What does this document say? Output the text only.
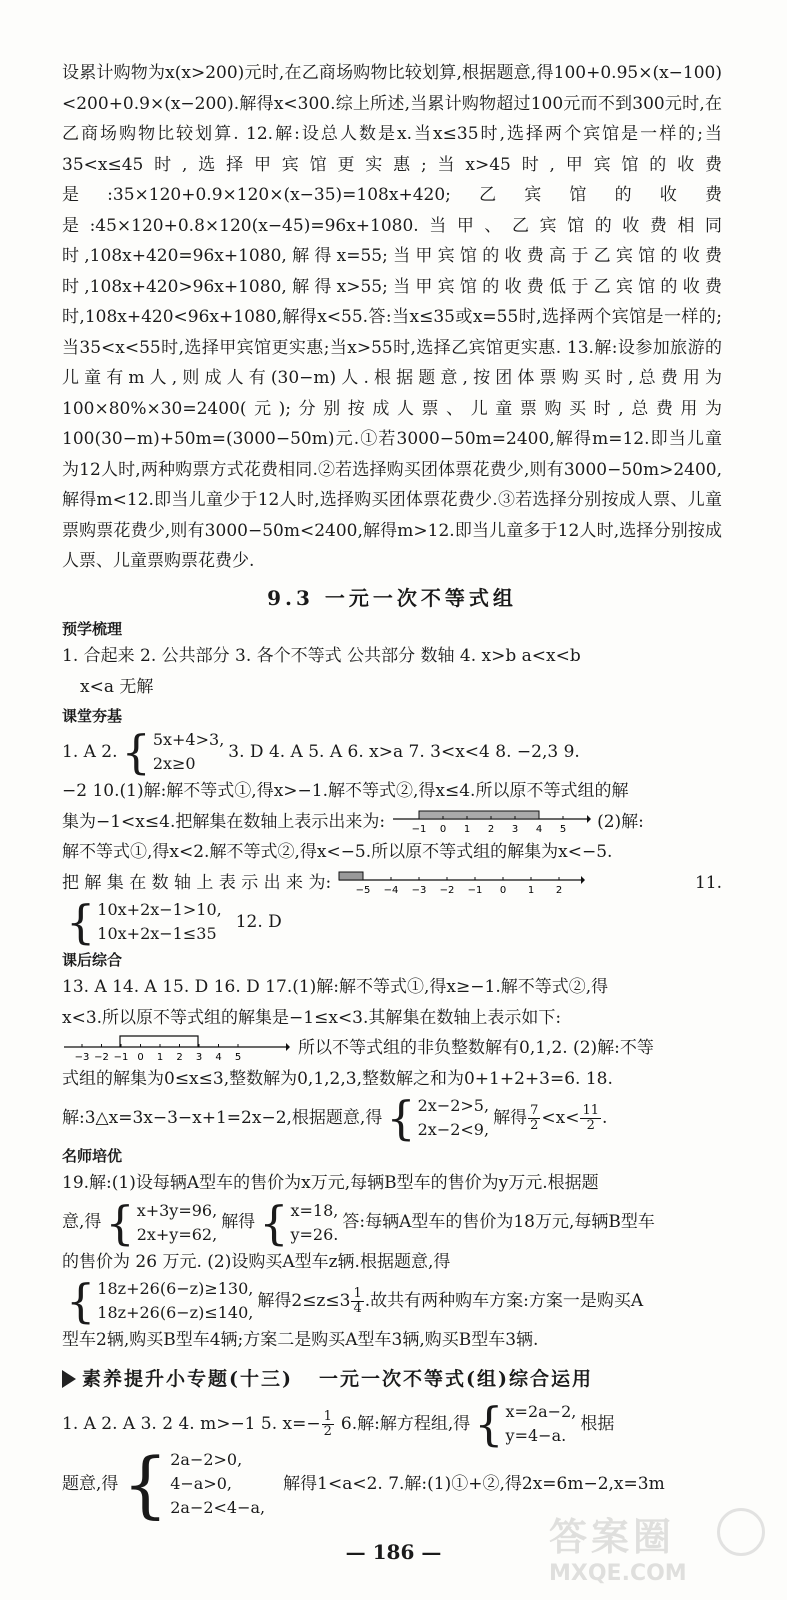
设累计购物为x(x>200)元时,在乙商场购物比较划算,根据题意,得100+0.95×(x−100)<200+0.9×(x−200).解得x<300.综上所述,当累计购物超过100元而不到300元时,在乙商场购物比较划算. 12.解:设总人数是x.当x≤35时,选择两个宾馆是一样的;当35<x≤45时,选择甲宾馆更实惠;当x>45时,甲宾馆的收费是:35×120+0.9×120×(x−35)=108x+420;乙宾馆的收费是:45×120+0.8×120(x−45)=96x+1080.当甲、乙宾馆的收费相同时,108x+420=96x+1080,解得x=55;当甲宾馆的收费高于乙宾馆的收费时,108x+420>96x+1080,解得x>55;当甲宾馆的收费低于乙宾馆的收费时,108x+420<96x+1080,解得x<55.答:当x≤35或x=55时,选择两个宾馆是一样的;当35<x<55时,选择甲宾馆更实惠;当x>55时,选择乙宾馆更实惠. 13.解:设参加旅游的儿童有m人,则成人有(30−m)人.根据题意,按团体票购买时,总费用为100×80%×30=2400(元);分别按成人票、儿童票购买时,总费用为100(30−m)+50m=(3000−50m)元.①若3000−50m=2400,解得m=12.即当儿童为12人时,两种购票方式花费相同.②若选择购买团体票花费少,则有3000−50m>2400,解得m<12.即当儿童少于12人时,选择购买团体票花费少.③若选择分别按成人票、儿童票购票花费少,则有3000−50m<2400,解得m>12.即当儿童多于12人时,选择分别按成人票、儿童票购票花费少.

9.3 一元一次不等式组
预学梳理
1. 合起来 2. 公共部分 3. 各个不等式 公共部分 数轴 4. x>b a<x<b
x<a 无解
课堂夯基
1. A 2. { 5x+4>3,
2x≥0
3. D 4. A 5. A 6. x>a 7. 3<x<4 8. −2,3 9.
−2 10.(1)解:解不等式①,得x>−1.解不等式②,得x≤4.所以原不等式组的解
集为−1<x≤4.把解集在数轴上表示出来为:	−1 0 1 2 3 4 5 (2)解:
解不等式①,得x<2.解不等式②,得x<−5.所以原不等式组的解集为x<−5.
把 解 集 在 数 轴 上 表 示 出 来 为: −5 −4 −3 −2 −1 0 1 2	11.
{ 10x+2x−1>10,
10x+2x−1≤35
12. D
课后综合
13. A 14. A 15. D 16. D 17.(1)解:解不等式①,得x≥−1.解不等式②,得
x<3.所以原不等式组的解集是−1≤x<3.其解集在数轴上表示如下:
−3 −2 −1 0 1 2 3 4 5	所以不等式组的非负整数解有0,1,2. (2)解:不等
式组的解集为0≤x≤3,整数解为0,1,2,3,整数解之和为0+1+2+3=6. 18.
解:3△x=3x−3−x+1=2x−2,根据题意,得 { 2x−2>5,
2x−2<9,
解得 $\frac{7}{2} <x< \frac{11}{2}$ .
名师培优
19.解:(1)设每辆A型车的售价为x万元,每辆B型车的售价为y万元.根据题
意,得 { x+3y=96,
2x+y=62,
解得 { x=18,
y=26.
答:每辆A型车的售价为18万元,每辆B型车
的售价为 26 万元. (2)设购买A型车z辆.根据题意,得
{ 18z+26(6−z)≥130,
18z+26(6−z)≤140,
解得$2\le z\le 3 \frac{1}{4}$ .故共有两种购车方案:方案一是购买A
型车2辆,购买B型车4辆;方案二是购买A型车3辆,购买B型车3辆.
素养提升小专题(十三) 一元一次不等式(组)综合运用
1. A 2. A 3. 2 4. m>−1 5. $x=- \frac{1}{2} 6$.解:解方程组,得 { x=2a−2,
y=4−a.
根据
题意,得 { 2a−2>0,
4−a>0,
2a−2<4−a,
解得1<a<2. 7.解:(1)①+②,得2x=6m−2,x=3m
— 186 —	答案圈
MXQE.COM
